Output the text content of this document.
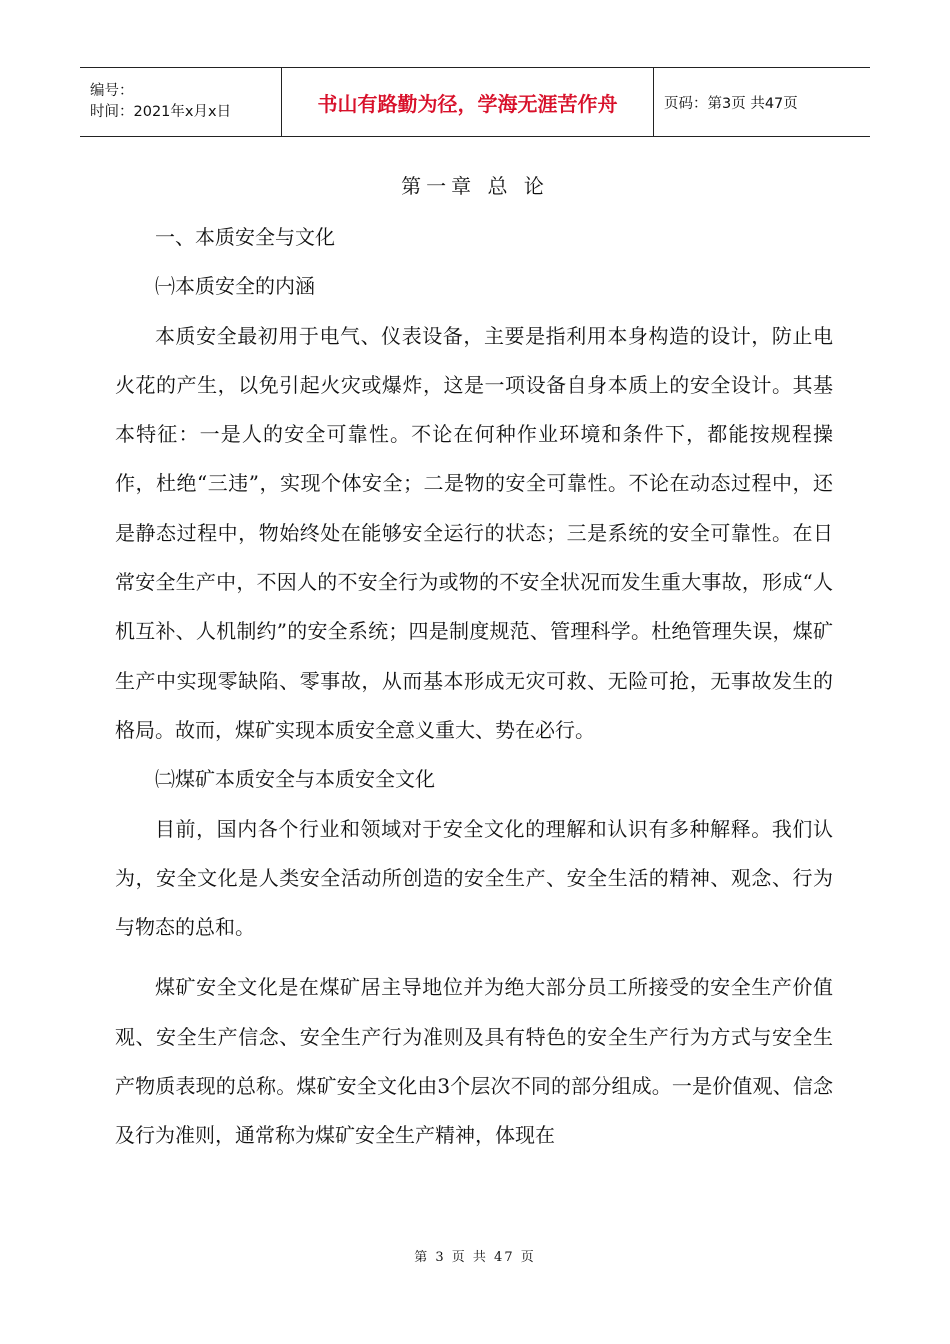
编号：
时间：2021年x月x日	书山有路勤为径，学海无涯苦作舟	页码：第3页 共47页
第一章 总 论

一、本质安全与文化

㈠本质安全的内涵

本质安全最初用于电气、仪表设备，主要是指利用本身构造的设计，防止电火花的产生，以免引起火灾或爆炸，这是一项设备自身本质上的安全设计。其基本特征：一是人的安全可靠性。不论在何种作业环境和条件下，都能按规程操作，杜绝“三违”，实现个体安全；二是物的安全可靠性。不论在动态过程中，还是静态过程中，物始终处在能够安全运行的状态；三是系统的安全可靠性。在日常安全生产中，不因人的不安全行为或物的不安全状况而发生重大事故，形成“人机互补、人机制约”的安全系统；四是制度规范、管理科学。杜绝管理失误，煤矿生产中实现零缺陷、零事故，从而基本形成无灾可救、无险可抢，无事故发生的格局。故而，煤矿实现本质安全意义重大、势在必行。

㈡煤矿本质安全与本质安全文化

目前，国内各个行业和领域对于安全文化的理解和认识有多种解释。我们认为，安全文化是人类安全活动所创造的安全生产、安全生活的精神、观念、行为与物态的总和。

煤矿安全文化是在煤矿居主导地位并为绝大部分员工所接受的安全生产价值观、安全生产信念、安全生产行为准则及具有特色的安全生产行为方式与安全生产物质表现的总称。煤矿安全文化由3个层次不同的部分组成。一是价值观、信念及行为准则，通常称为煤矿安全生产精神，体现在

第 3 页 共 47 页
